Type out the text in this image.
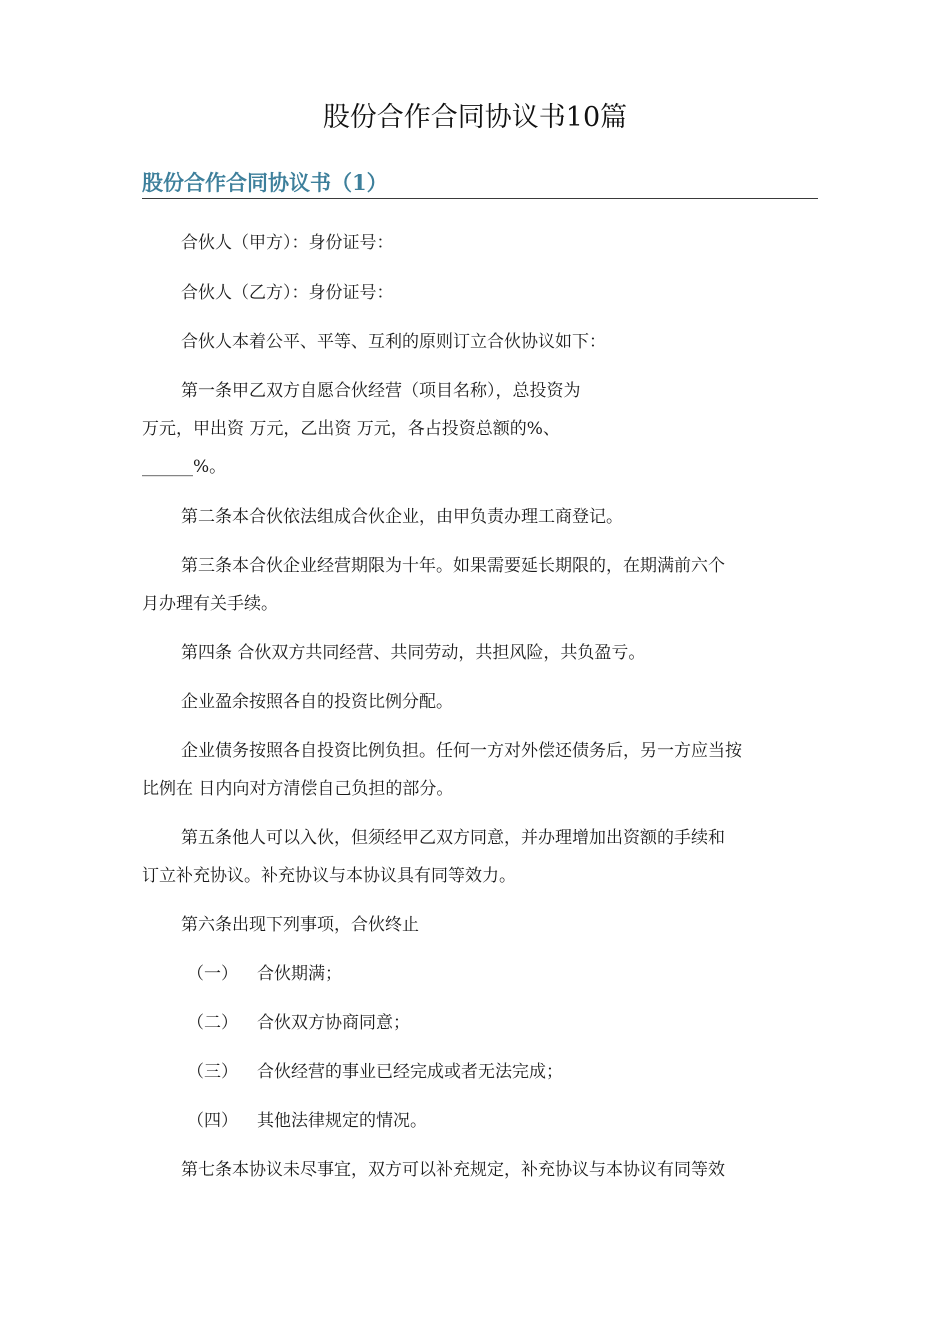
股份合作合同协议书10篇
股份合作合同协议书（1）
合伙人（甲方）：身份证号：
合伙人（乙方）：身份证号：
合伙人本着公平、平等、互利的原则订立合伙协议如下：
第一条甲乙双方自愿合伙经营（项目名称），总投资为
万元，甲出资 万元，乙出资 万元，各占投资总额的%、
______%。
第二条本合伙依法组成合伙企业，由甲负责办理工商登记。
第三条本合伙企业经营期限为十年。如果需要延长期限的，在期满前六个
月办理有关手续。
第四条 合伙双方共同经营、共同劳动，共担风险，共负盈亏。
企业盈余按照各自的投资比例分配。
企业债务按照各自投资比例负担。任何一方对外偿还债务后，另一方应当按
比例在 日内向对方清偿自己负担的部分。
第五条他人可以入伙，但须经甲乙双方同意，并办理增加出资额的手续和
订立补充协议。补充协议与本协议具有同等效力。
第六条出现下列事项，合伙终止
（一） 合伙期满；
（二） 合伙双方协商同意；
（三） 合伙经营的事业已经完成或者无法完成；
（四） 其他法律规定的情况。
第七条本协议未尽事宜，双方可以补充规定，补充协议与本协议有同等效
